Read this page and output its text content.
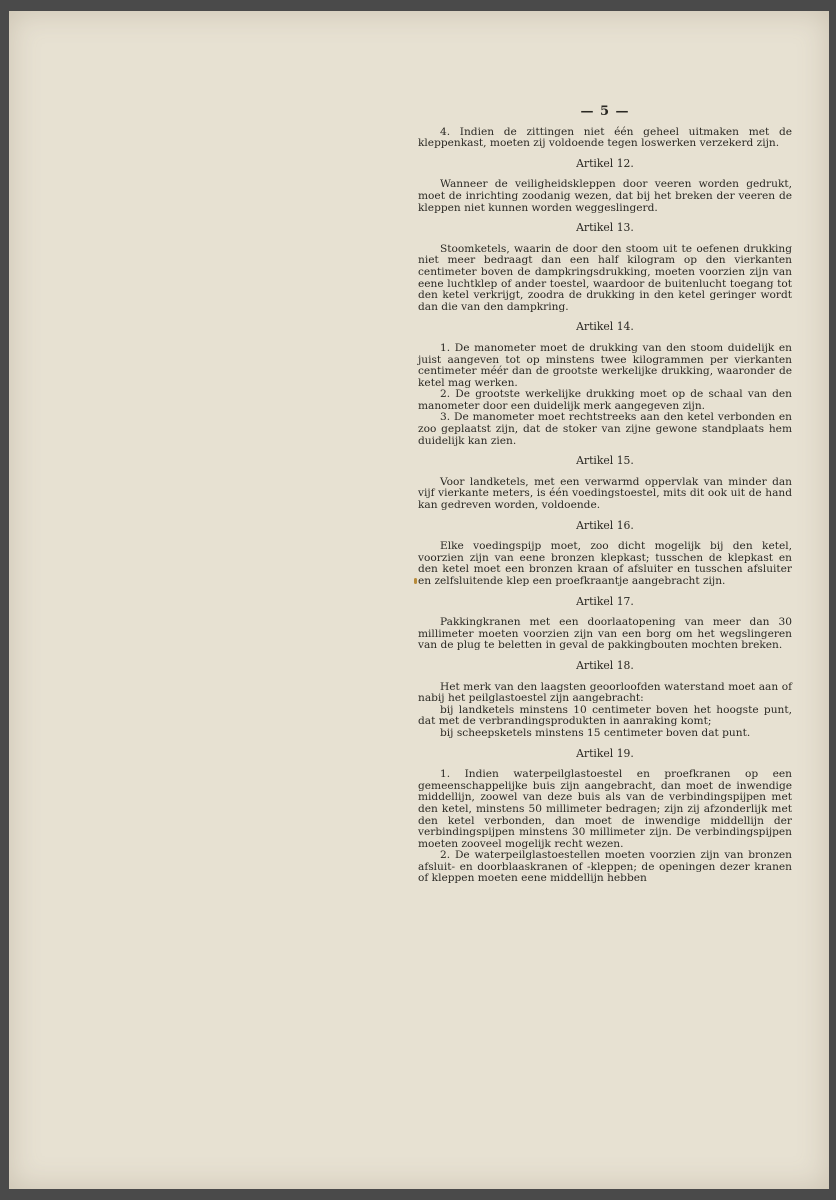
— 5 —

4. Indien de zittingen niet één geheel uitmaken met de kleppenkast, moeten zij voldoende tegen loswerken verzekerd zijn.

Artikel 12.

Wanneer de veiligheidskleppen door veeren worden gedrukt, moet de inrichting zoodanig wezen, dat bij het breken der veeren de kleppen niet kunnen worden weggeslingerd.

Artikel 13.

Stoomketels, waarin de door den stoom uit te oefenen drukking niet meer bedraagt dan een half kilogram op den vierkanten centimeter boven de dampkringsdrukking, moeten voorzien zijn van eene luchtklep of ander toestel, waardoor de buitenlucht toegang tot den ketel verkrijgt, zoodra de drukking in den ketel geringer wordt dan die van den dampkring.

Artikel 14.

1. De manometer moet de drukking van den stoom duidelijk en juist aangeven tot op minstens twee kilogrammen per vierkanten centimeter méér dan de grootste werkelijke drukking, waaronder de ketel mag werken.

2. De grootste werkelijke drukking moet op de schaal van den manometer door een duidelijk merk aangegeven zijn.

3. De manometer moet rechtstreeks aan den ketel verbonden en zoo geplaatst zijn, dat de stoker van zijne gewone standplaats hem duidelijk kan zien.

Artikel 15.

Voor landketels, met een verwarmd oppervlak van minder dan vijf vierkante meters, is één voedingstoestel, mits dit ook uit de hand kan gedreven worden, voldoende.

Artikel 16.

Elke voedingspijp moet, zoo dicht mogelijk bij den ketel, voorzien zijn van eene bronzen klepkast; tusschen de klepkast en den ketel moet een bronzen kraan of afsluiter en tusschen afsluiter en zelfsluitende klep een proefkraantje aangebracht zijn.

Artikel 17.

Pakkingkranen met een doorlaatopening van meer dan 30 millimeter moeten voorzien zijn van een borg om het wegslingeren van de plug te beletten in geval de pakkingbouten mochten breken.

Artikel 18.

Het merk van den laagsten geoorloofden waterstand moet aan of nabij het peilglastoestel zijn aangebracht:

bij landketels minstens 10 centimeter boven het hoogste punt, dat met de verbrandingsprodukten in aanraking komt;

bij scheepsketels minstens 15 centimeter boven dat punt.

Artikel 19.

1. Indien waterpeilglastoestel en proefkranen op een gemeenschappelijke buis zijn aangebracht, dan moet de inwendige middellijn, zoowel van deze buis als van de verbindingspijpen met den ketel, minstens 50 millimeter bedragen; zijn zij afzonderlijk met den ketel verbonden, dan moet de inwendige middellijn der verbindingspijpen minstens 30 millimeter zijn. De verbindingspijpen moeten zooveel mogelijk recht wezen.

2. De waterpeilglastoestellen moeten voorzien zijn van bronzen afsluit- en doorblaaskranen of -kleppen; de openingen dezer kranen of kleppen moeten eene middellijn hebben
